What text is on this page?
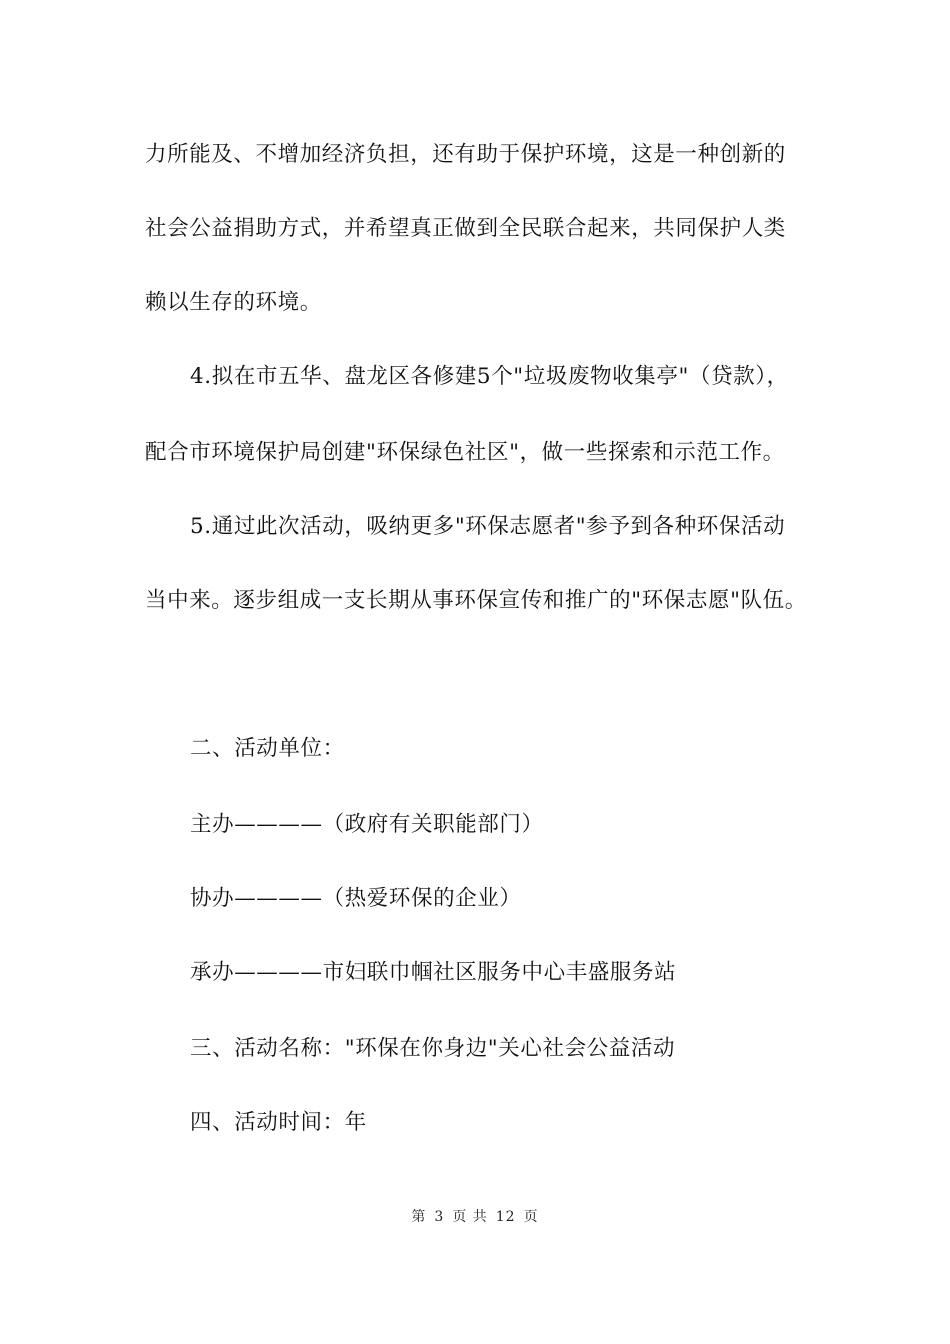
力所能及、不增加经济负担，还有助于保护环境，这是一种创新的
社会公益捐助方式，并希望真正做到全民联合起来，共同保护人类
赖以生存的环境。
4.拟在市五华、盘龙区各修建5个"垃圾废物收集亭"（贷款），
配合市环境保护局创建"环保绿色社区"，做一些探索和示范工作。
5.通过此次活动，吸纳更多"环保志愿者"参予到各种环保活动
当中来。逐步组成一支长期从事环保宣传和推广的"环保志愿"队伍。
二、活动单位：
主办————（政府有关职能部门）
协办————（热爱环保的企业）
承办————市妇联巾帼社区服务中心丰盛服务站
三、活动名称："环保在你身边"关心社会公益活动
四、活动时间：年
第 3 页 共 12 页
